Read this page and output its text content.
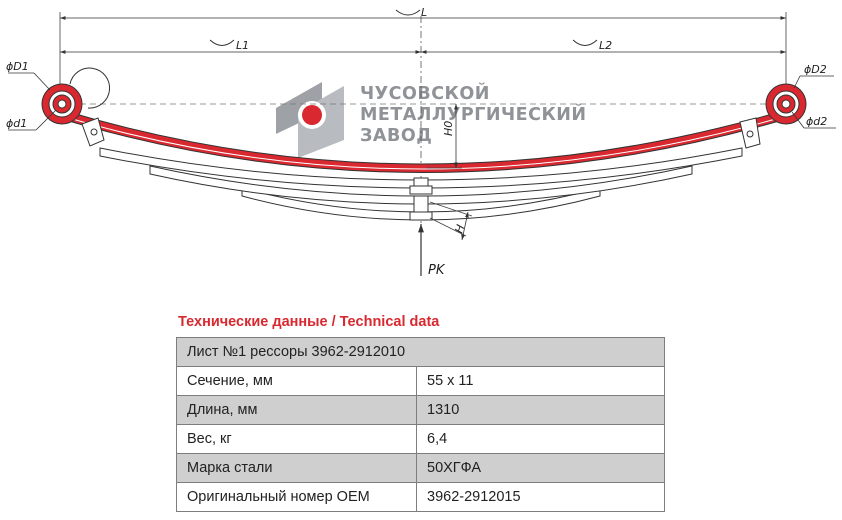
ЧУСОВСКОЙ
МЕТАЛЛУРГИЧЕСКИЙ
ЗАВОД
L
L1	L2
ϕD1
ϕd1
ϕD2
ϕd2
H0
H
PK
Технические данные / Technical data
Лист №1 рессоры 3962-2912010	
Сечение, мм	55 х 11
Длина, мм	1310
Вес, кг	6,4
Марка стали	50ХГФА
Оригинальный номер OEM	3962-2912015
